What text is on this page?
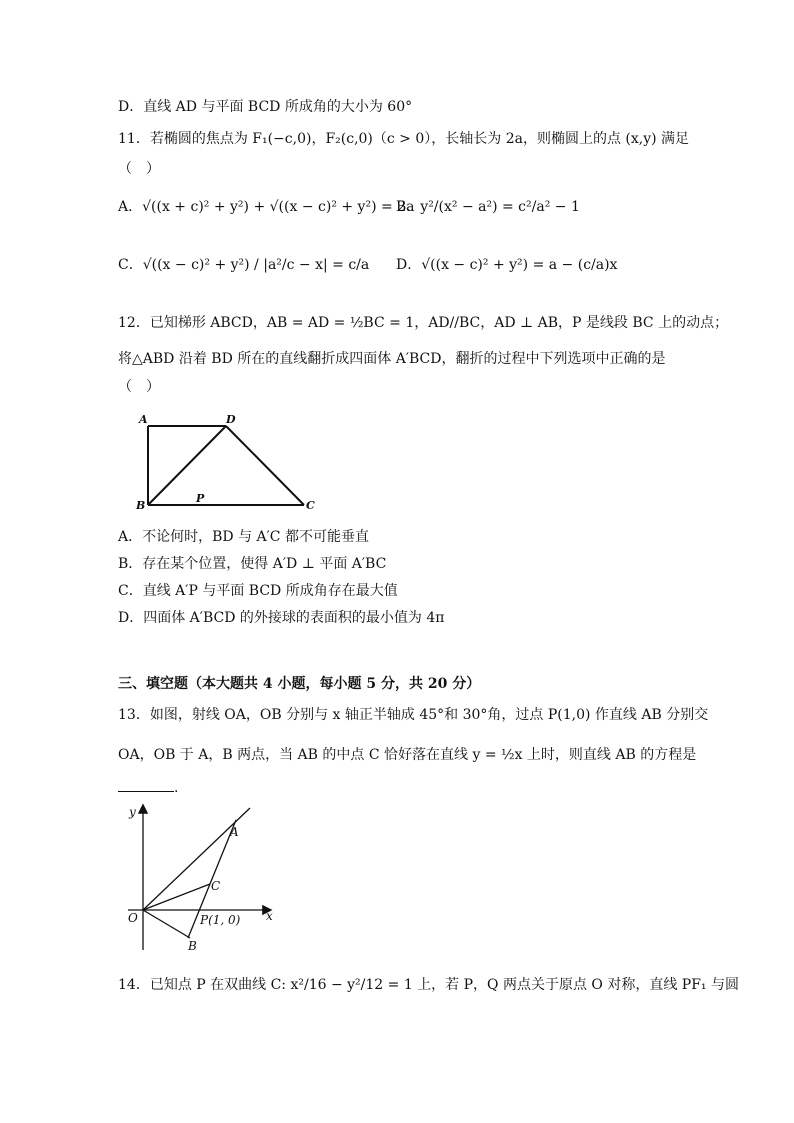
D．直线 AD 与平面 BCD 所成角的大小为 60°
11．若椭圆的焦点为 F₁(−c,0)，F₂(c,0)（c > 0），长轴长为 2a，则椭圆上的点 (x,y) 满足
（　）
A．√((x + c)² + y²) + √((x − c)² + y²) = 2a
B．y²/(x² − a²) = c²/a² − 1
C．√((x − c)² + y²) / |a²/c − x| = c/a D．√((x − c)² + y²) = a − (c/a)x
12．已知梯形 ABCD，AB = AD = ½BC = 1，AD//BC，AD ⊥ AB，P 是线段 BC 上的动点；
将△ABD 沿着 BD 所在的直线翻折成四面体 A′BCD，翻折的过程中下列选项中正确的是
（　）
A	D
B
P
C
A．不论何时，BD 与 A′C 都不可能垂直
B．存在某个位置，使得 A′D ⊥ 平面 A′BC
C．直线 A′P 与平面 BCD 所成角存在最大值
D．四面体 A′BCD 的外接球的表面积的最小值为 4π
三、填空题（本大题共 4 小题，每小题 5 分，共 20 分）
13．如图，射线 OA，OB 分别与 x 轴正半轴成 45°和 30°角，过点 P(1,0) 作直线 AB 分别交
OA，OB 于 A，B 两点，当 AB 的中点 C 恰好落在直线 y = ½x 上时，则直线 AB 的方程是
.
y
x
O
A
C
P(1, 0)
B
14．已知点 P 在双曲线 C: x²/16 − y²/12 = 1 上，若 P，Q 两点关于原点 O 对称，直线 PF₁ 与圆
